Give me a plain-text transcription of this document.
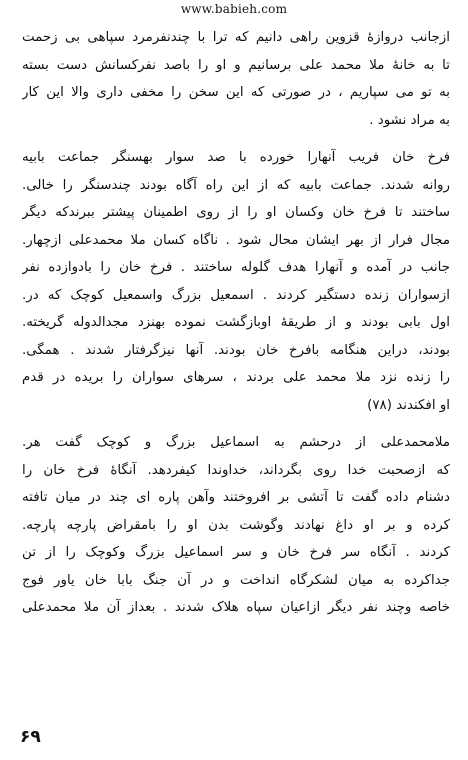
www.babieh.com
ازجانب دروازهٔ قزوین راهی دانیم که ترا با چندنفرمرد سپاهی بی زحمت
تا به خانهٔ ملا محمد علی برسانیم و او را باصد نفرکسانش دست بسته
به تو می سپاریم ، در صورتی که این سخن را مخفی داری والا این کار
به مراد نشود .
فرخ خان فریب آنهارا خورده با صد سوار بهسنگر جماعت بابیه
روانه شدند. جماعت بابیه که از این راه آگاه بودند چندسنگر را خالی.
ساختند تا فرخ خان وکسان او را از روی اطمینان پیشتر ببرندکه دیگر
مجال فرار از بهر ایشان محال شود . ناگاه کسان ملا محمدعلی ازچهار.
جانب در آمده و آنهارا هدف گلوله ساختند . فرخ خان را بادوازده نفر
ازسواران زنده دستگیر کردند . اسمعیل بزرگ واسمعیل کوچک که در.
اول بابی بودند و از طریقهٔ اوبازگشت نموده بهنزد مجدالدوله گریخته.
بودند، دراین هنگامه بافرخ خان بودند. آنها نیزگرفتار شدند . همگی.
را زنده نزد ملا محمد علی بردند ، سرهای سواران را بریده در قدم
او افکندند (۷۸)
ملامحمدعلی از درحشم به اسماعیل بزرگ و کوچک گفت هر.
که ازصحبت خدا روی بگرداند، خداوندا کیفردهد. آنگاهٔ فرخ خان را
دشنام داده گفت تا آتشی بر افروختند وآهن پاره ای چند در میان تافته
کرده و بر او داغ نهادند وگوشت بدن او را بامقراض پارچه پارچه.
کردند . آنگاه سر فرخ خان و سر اسماعیل بزرگ وکوچک را از تن
جداکرده به میان لشکرگاه انداخت و در آن جنگ بابا خان یاور فوج
خاصه وچند نفر دیگر ازاعیان سپاه هلاک شدند . بعداز آن ملا محمدعلی
۶۹
